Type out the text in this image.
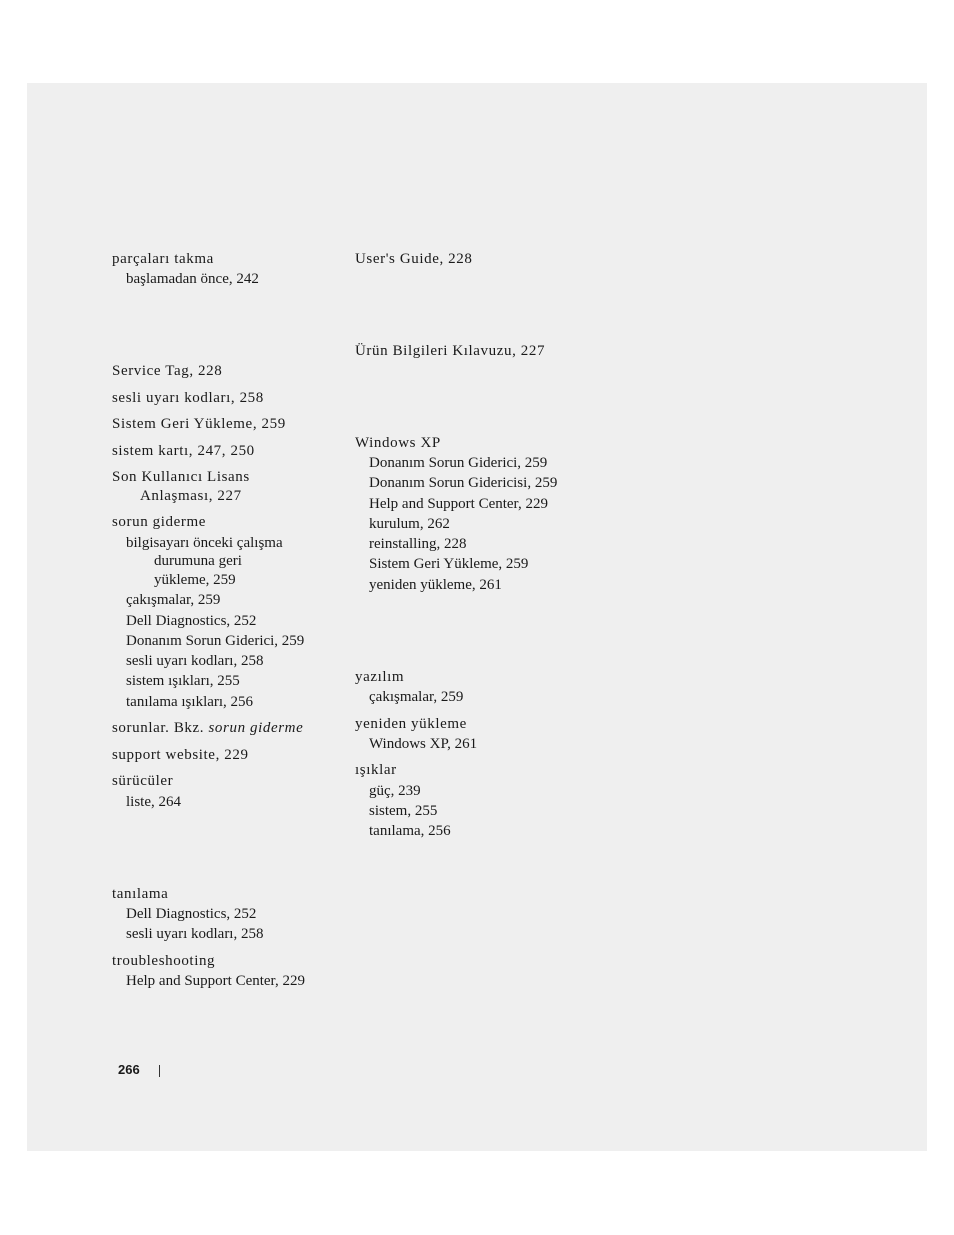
parçaları takma
başlamadan önce, 242
Service Tag, 228
sesli uyarı kodları, 258
Sistem Geri Yükleme, 259
sistem kartı, 247, 250
Son Kullanıcı Lisans
Anlaşması, 227
sorun giderme
bilgisayarı önceki çalışma
durumuna geri
yükleme, 259
çakışmalar, 259
Dell Diagnostics, 252
Donanım Sorun Giderici, 259
sesli uyarı kodları, 258
sistem ışıkları, 255
tanılama ışıkları, 256
sorunlar. Bkz. sorun giderme
support website, 229
sürücüler
liste, 264
tanılama
Dell Diagnostics, 252
sesli uyarı kodları, 258
troubleshooting
Help and Support Center, 229
User's Guide, 228
Ürün Bilgileri Kılavuzu, 227
Windows XP
Donanım Sorun Giderici, 259
Donanım Sorun Gidericisi, 259
Help and Support Center, 229
kurulum, 262
reinstalling, 228
Sistem Geri Yükleme, 259
yeniden yükleme, 261
yazılım
çakışmalar, 259
yeniden yükleme
Windows XP, 261
ışıklar
güç, 239
sistem, 255
tanılama, 256
266
